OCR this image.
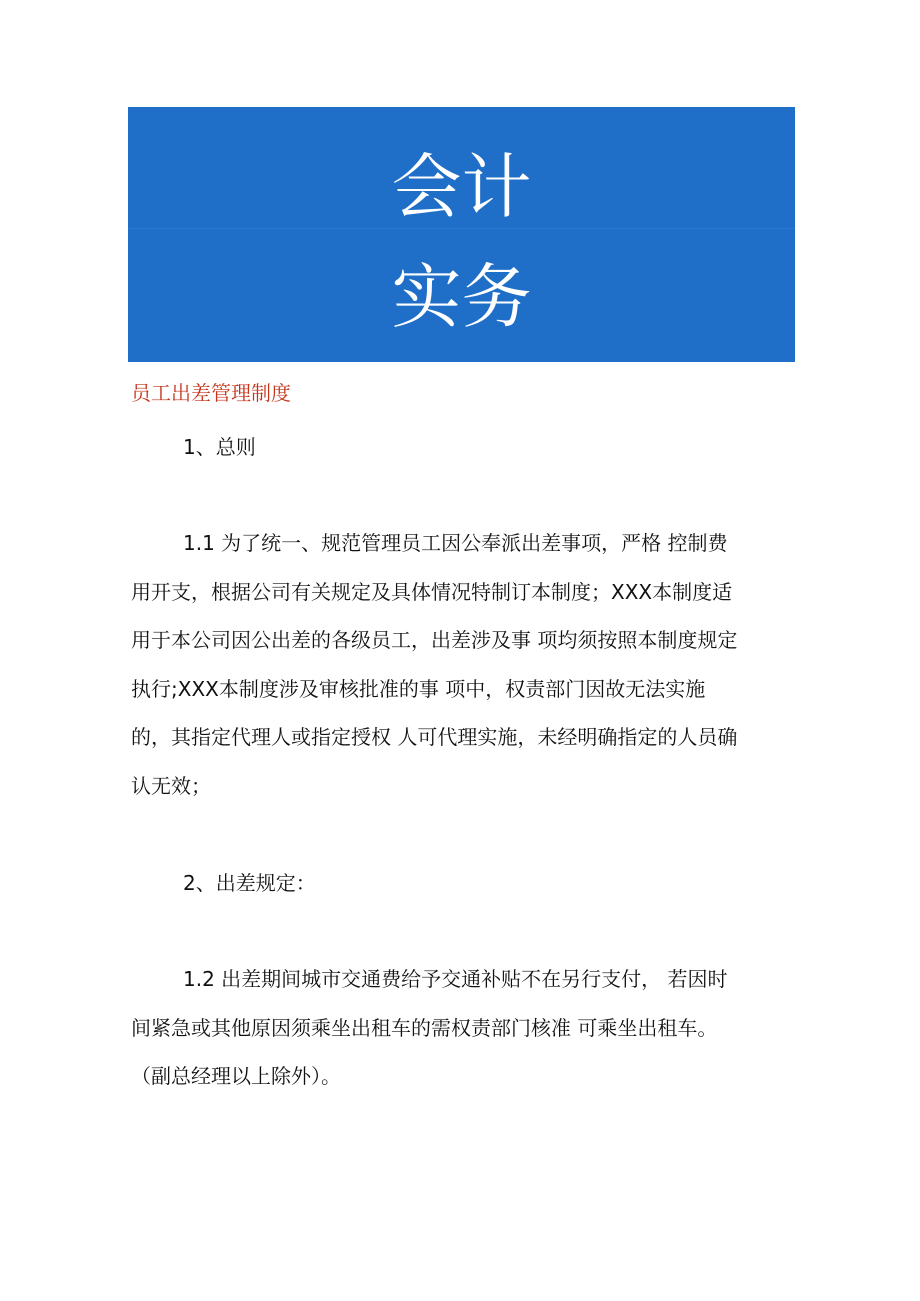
会计
实务
员工出差管理制度
1、总则
1.1 为了统一、规范管理员工因公奉派出差事项，严格 控制费
用开支，根据公司有关规定及具体情况特制订本制度；XXX本制度适
用于本公司因公出差的各级员工，出差涉及事 项均须按照本制度规定
执行;XXX本制度涉及审核批准的事 项中，权责部门因故无法实施
的，其指定代理人或指定授权 人可代理实施，未经明确指定的人员确
认无效；
2、出差规定：
1.2 出差期间城市交通费给予交通补贴不在另行支付， 若因时
间紧急或其他原因须乘坐出租车的需权责部门核准 可乘坐出租车。
（副总经理以上除外）。
